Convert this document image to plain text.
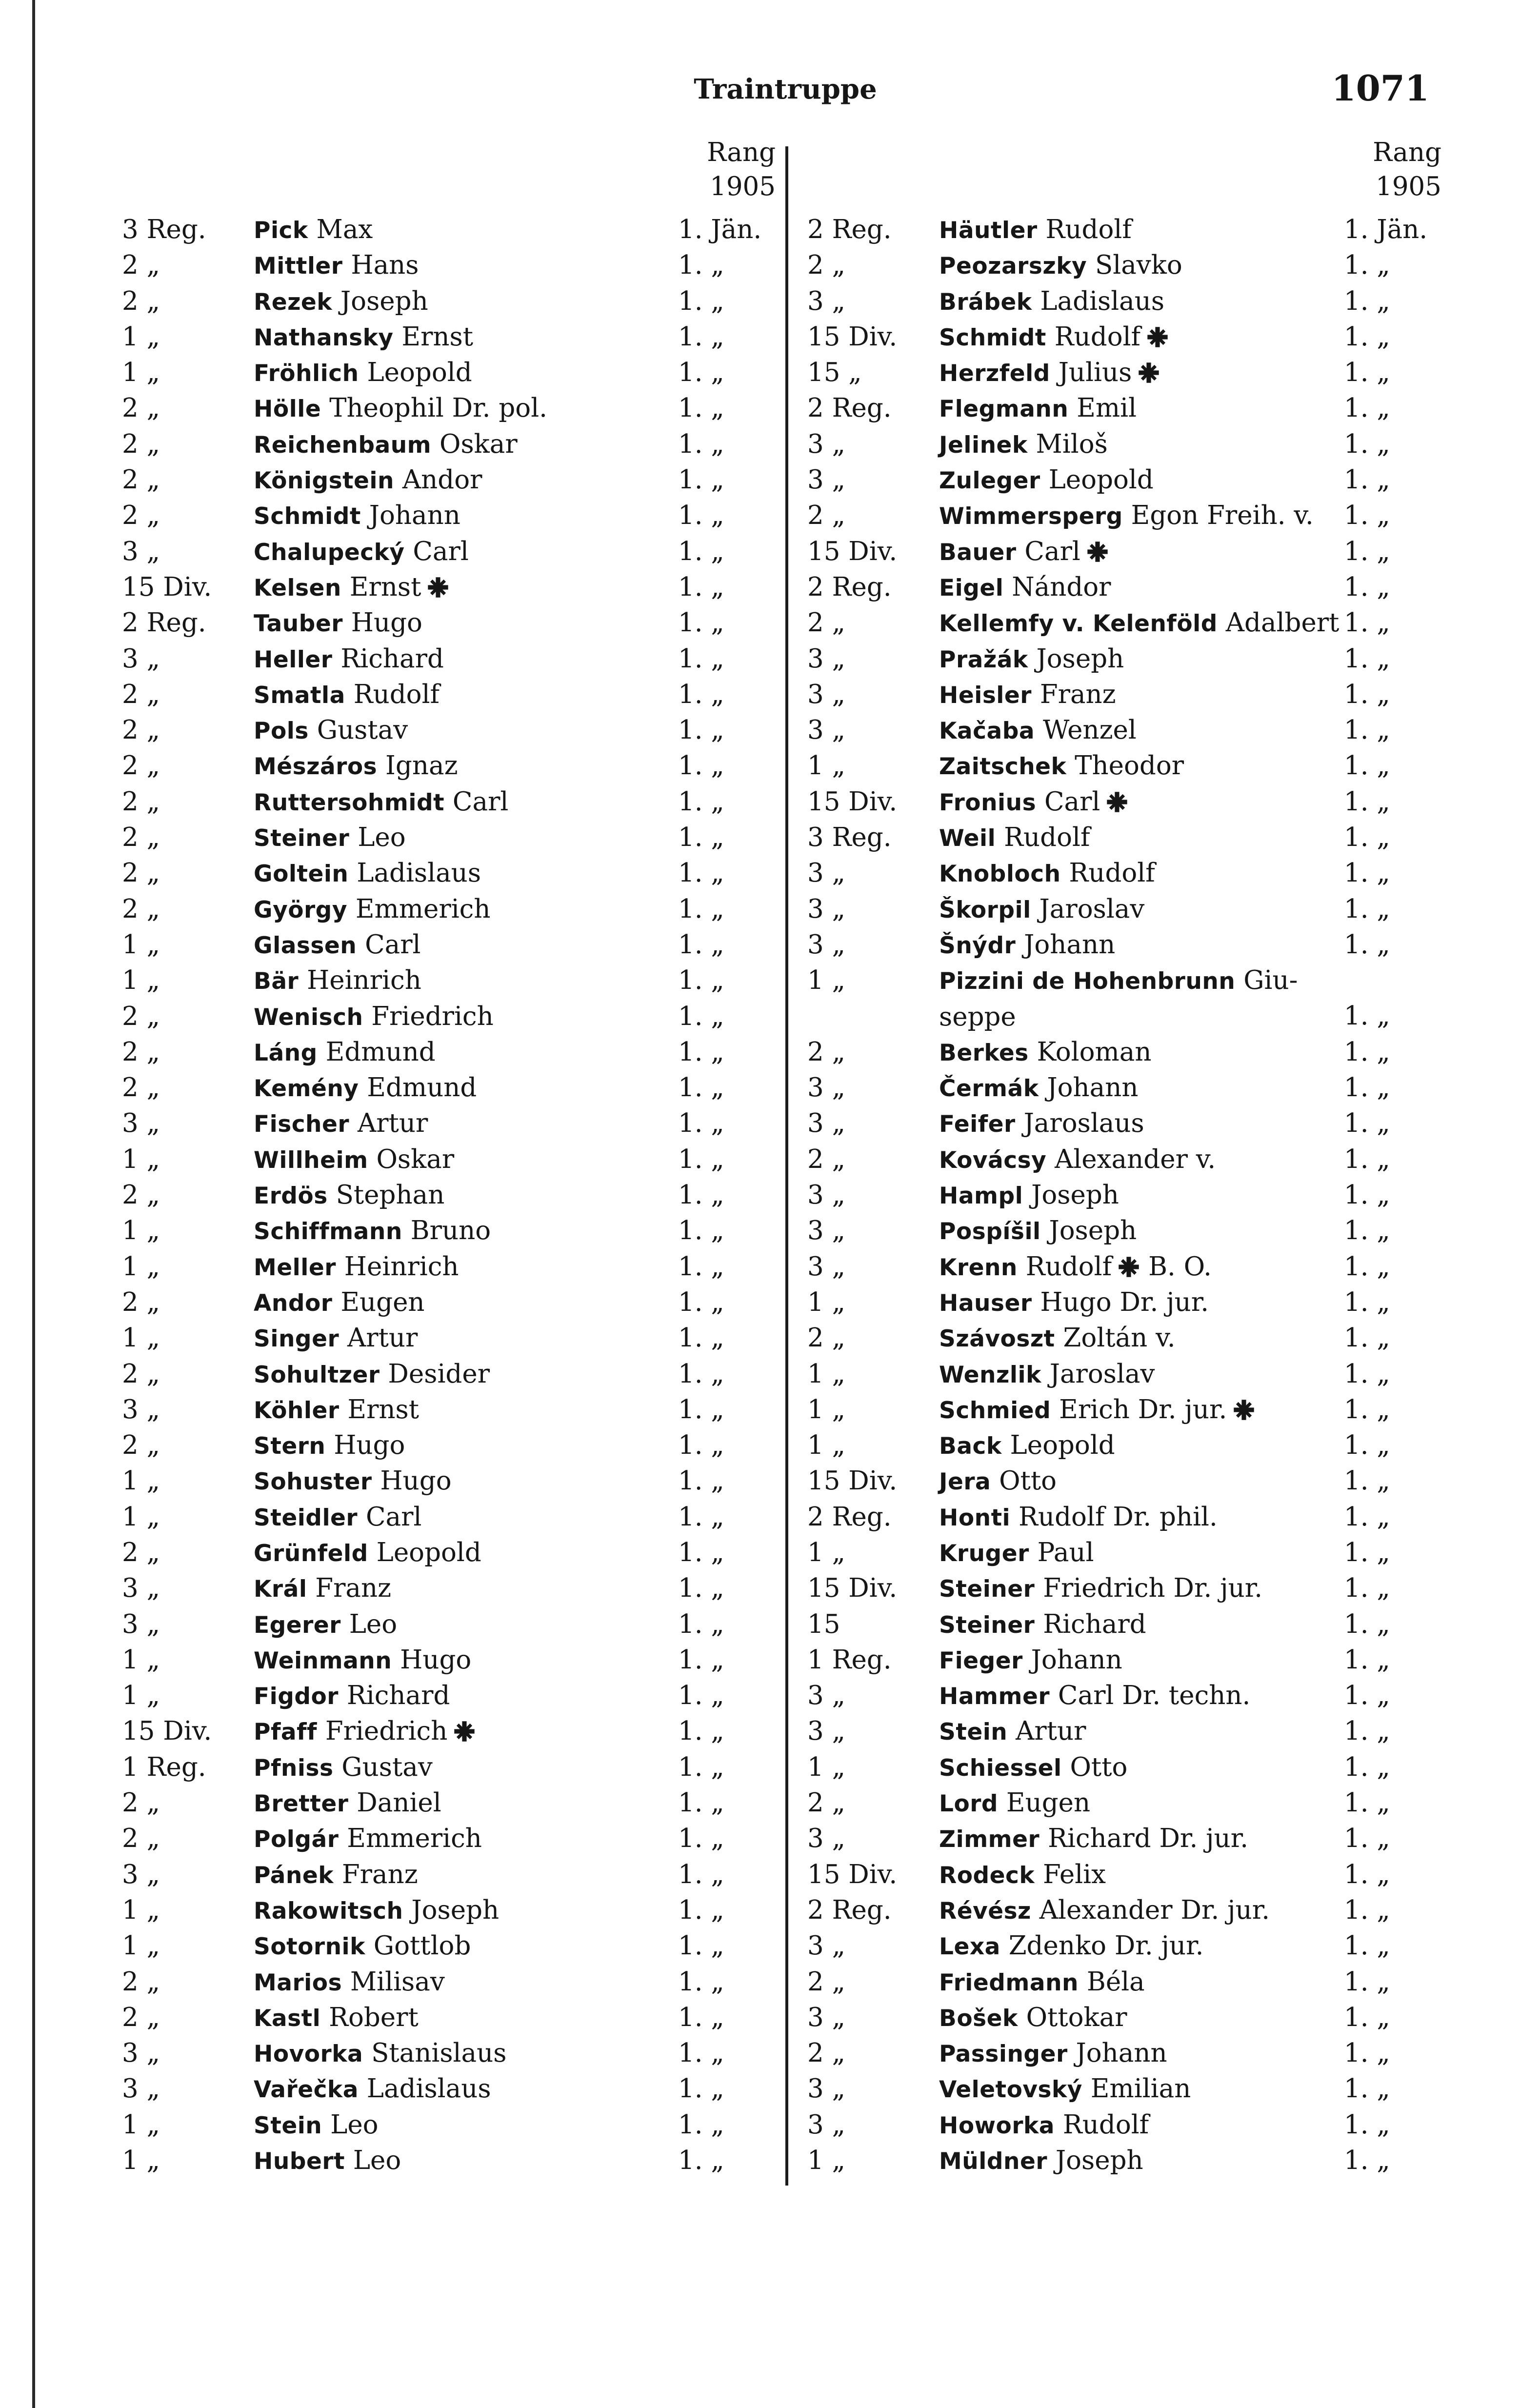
Traintruppe	1071
Rang
1905
3 Reg.	Pick Max	1. Jän.
2 „	Mittler Hans	1. „
2 „	Rezek Joseph	1. „
1 „	Nathansky Ernst	1. „
1 „	Fröhlich Leopold	1. „
2 „	Hölle Theophil Dr. pol.	1. „
2 „	Reichenbaum Oskar	1. „
2 „	Königstein Andor	1. „
2 „	Schmidt Johann	1. „
3 „	Chalupecký Carl	1. „
15 Div.	Kelsen Ernst	1. „
2 Reg.	Tauber Hugo	1. „
3 „	Heller Richard	1. „
2 „	Smatla Rudolf	1. „
2 „	Pols Gustav	1. „
2 „	Mészáros Ignaz	1. „
2 „	Ruttersohmidt Carl	1. „
2 „	Steiner Leo	1. „
2 „	Goltein Ladislaus	1. „
2 „	György Emmerich	1. „
1 „	Glassen Carl	1. „
1 „	Bär Heinrich	1. „
2 „	Wenisch Friedrich	1. „
2 „	Láng Edmund	1. „
2 „	Kemény Edmund	1. „
3 „	Fischer Artur	1. „
1 „	Willheim Oskar	1. „
2 „	Erdös Stephan	1. „
1 „	Schiffmann Bruno	1. „
1 „	Meller Heinrich	1. „
2 „	Andor Eugen	1. „
1 „	Singer Artur	1. „
2 „	Sohultzer Desider	1. „
3 „	Köhler Ernst	1. „
2 „	Stern Hugo	1. „
1 „	Sohuster Hugo	1. „
1 „	Steidler Carl	1. „
2 „	Grünfeld Leopold	1. „
3 „	Král Franz	1. „
3 „	Egerer Leo	1. „
1 „	Weinmann Hugo	1. „
1 „	Figdor Richard	1. „
15 Div.	Pfaff Friedrich	1. „
1 Reg.	Pfniss Gustav	1. „
2 „	Bretter Daniel	1. „
2 „	Polgár Emmerich	1. „
3 „	Pánek Franz	1. „
1 „	Rakowitsch Joseph	1. „
1 „	Sotornik Gottlob	1. „
2 „	Marios Milisav	1. „
2 „	Kastl Robert	1. „
3 „	Hovorka Stanislaus	1. „
3 „	Vařečka Ladislaus	1. „
1 „	Stein Leo	1. „
1 „	Hubert Leo	1. „
Rang
1905
2 Reg.	Häutler Rudolf	1. Jän.
2 „	Peozarszky Slavko	1. „
3 „	Brábek Ladislaus	1. „
15 Div.	Schmidt Rudolf	1. „
15 „	Herzfeld Julius	1. „
2 Reg.	Flegmann Emil	1. „
3 „	Jelinek Miloš	1. „
3 „	Zuleger Leopold	1. „
2 „	Wimmersperg Egon Freih. v. 1. „
15 Div.	Bauer Carl	1. „
2 Reg.	Eigel Nándor	1. „
2 „	Kellemfy v. Kelenföld Adalbert 1. „
3 „	Pražák Joseph	1. „
3 „	Heisler Franz	1. „
3 „	Kačaba Wenzel	1. „
1 „	Zaitschek Theodor	1. „
15 Div.	Fronius Carl	1. „
3 Reg.	Weil Rudolf	1. „
3 „	Knobloch Rudolf	1. „
3 „	Škorpil Jaroslav	1. „
3 „	Šnýdr Johann	1. „
1 „	Pizzini de Hohenbrunn Giu-
seppe	1. „
2 „	Berkes Koloman	1. „
3 „	Čermák Johann	1. „
3 „	Feifer Jaroslaus	1. „
2 „	Kovácsy Alexander v.	1. „
3 „	Hampl Joseph	1. „
3 „	Pospíšil Joseph	1. „
3 „	Krenn Rudolf B. O.	1. „
1 „	Hauser Hugo Dr. jur.	1. „
2 „	Szávoszt Zoltán v.	1. „
1 „	Wenzlik Jaroslav	1. „
1 „	Schmied Erich Dr. jur.	1. „
1 „	Back Leopold	1. „
15 Div.	Jera Otto	1. „
2 Reg.	Honti Rudolf Dr. phil.	1. „
1 „	Kruger Paul	1. „
15 Div.	Steiner Friedrich Dr. jur.	1. „
15	Steiner Richard	1. „
1 Reg.	Fieger Johann	1. „
3 „	Hammer Carl Dr. techn.	1. „
3 „	Stein Artur	1. „
1 „	Schiessel Otto	1. „
2 „	Lord Eugen	1. „
3 „	Zimmer Richard Dr. jur.	1. „
15 Div.	Rodeck Felix	1. „
2 Reg.	Révész Alexander Dr. jur.	1. „
3 „	Lexa Zdenko Dr. jur.	1. „
2 „	Friedmann Béla	1. „
3 „	Bošek Ottokar	1. „
2 „	Passinger Johann	1. „
3 „	Veletovský Emilian	1. „
3 „	Howorka Rudolf	1. „
1 „	Müldner Joseph	1. „
